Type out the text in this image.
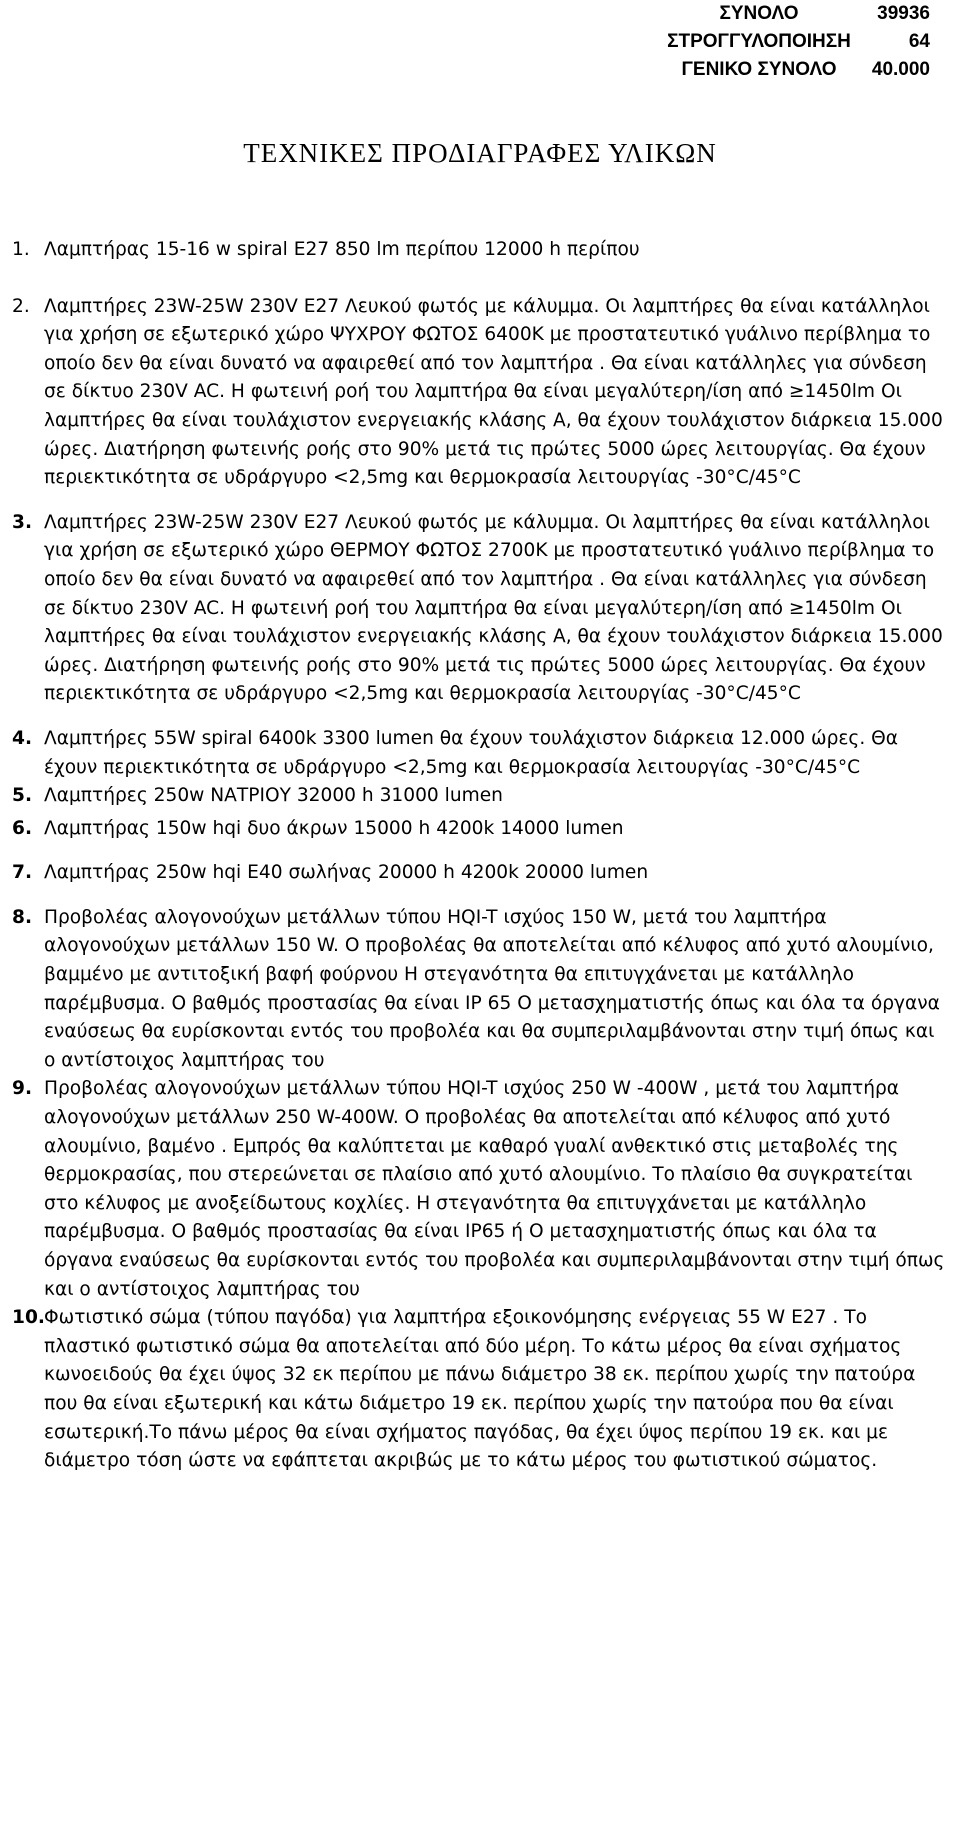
ΣΥΝΟΛΟ	39936
ΣΤΡΟΓΓΥΛΟΠΟΙΗΣΗ	64
ΓΕΝΙΚΟ ΣΥΝΟΛΟ	40.000
ΤΕΧΝΙΚΕΣ ΠΡΟΔΙΑΓΡΑΦΕΣ ΥΛΙΚΩΝ
1. Λαμπτήρας 15-16 w spiral E27 850 lm περίπου 12000 h περίπου
2. Λαμπτήρες 23W-25W 230V E27 Λευκού φωτός με κάλυμμα. Οι λαμπτήρες θα είναι κατάλληλοι για χρήση σε εξωτερικό χώρο ΨΥΧΡΟΥ ΦΩΤΟΣ 6400K με προστατευτικό γυάλινο περίβλημα το οποίο δεν θα είναι δυνατό να αφαιρεθεί από τον λαμπτήρα . Θα είναι κατάλληλες για σύνδεση σε δίκτυο 230V AC. Η φωτεινή ροή του λαμπτήρα θα είναι μεγαλύτερη/ίση από ≥1450lm Οι λαμπτήρες θα είναι τουλάχιστον ενεργειακής κλάσης Α, θα έχουν τουλάχιστον διάρκεια 15.000 ώρες. Διατήρηση φωτεινής ροής στο 90% μετά τις πρώτες 5000 ώρες λειτουργίας. Θα έχουν περιεκτικότητα σε υδράργυρο <2,5mg και θερμοκρασία λειτουργίας -30°C/45°C
3. Λαμπτήρες 23W-25W 230V E27 Λευκού φωτός με κάλυμμα. Οι λαμπτήρες θα είναι κατάλληλοι για χρήση σε εξωτερικό χώρο ΘΕΡΜΟΥ ΦΩΤΟΣ 2700K με προστατευτικό γυάλινο περίβλημα το οποίο δεν θα είναι δυνατό να αφαιρεθεί από τον λαμπτήρα . Θα είναι κατάλληλες για σύνδεση σε δίκτυο 230V AC. Η φωτεινή ροή του λαμπτήρα θα είναι μεγαλύτερη/ίση από ≥1450lm Οι λαμπτήρες θα είναι τουλάχιστον ενεργειακής κλάσης Α, θα έχουν τουλάχιστον διάρκεια 15.000 ώρες. Διατήρηση φωτεινής ροής στο 90% μετά τις πρώτες 5000 ώρες λειτουργίας. Θα έχουν περιεκτικότητα σε υδράργυρο <2,5mg και θερμοκρασία λειτουργίας -30°C/45°C
4. Λαμπτήρες 55W spiral 6400k 3300 lumen θα έχουν τουλάχιστον διάρκεια 12.000 ώρες. Θα έχουν περιεκτικότητα σε υδράργυρο <2,5mg και θερμοκρασία λειτουργίας -30°C/45°C
5. Λαμπτήρες 250w ΝΑΤΡΙΟΥ 32000 h 31000 lumen
6. Λαμπτήρας 150w hqi δυο άκρων 15000 h 4200k 14000 lumen
7. Λαμπτήρας 250w hqi E40 σωλήνας 20000 h 4200k 20000 lumen
8. Προβολέας αλογονούχων μετάλλων τύπου HQI-T ισχύος 150 W, μετά του λαμπτήρα αλογονούχων μετάλλων 150 W. O προβολέας θα αποτελείται από κέλυφος από χυτό αλουμίνιο, βαμμένο με αντιτοξική βαφή φούρνου Η στεγανότητα θα επιτυγχάνεται με κατάλληλο παρέμβυσμα. Ο βαθμός προστασίας θα είναι IP 65 O μετασχηματιστής όπως και όλα τα όργανα εναύσεως θα ευρίσκονται εντός του προβολέα και θα συμπεριλαμβάνονται στην τιμή όπως και ο αντίστοιχος λαμπτήρας του
9. Προβολέας αλογονούχων μετάλλων τύπου HQI-T ισχύος 250 W -400W , μετά του λαμπτήρα αλογονούχων μετάλλων 250 W-400W. O προβολέας θα αποτελείται από κέλυφος από χυτό αλουμίνιο, βαμένο . Εμπρός θα καλύπτεται με καθαρό γυαλί ανθεκτικό στις μεταβολές της θερμοκρασίας, που στερεώνεται σε πλαίσιο από χυτό αλουμίνιο. Το πλαίσιο θα συγκρατείται στο κέλυφος με ανοξείδωτους κοχλίες. Η στεγανότητα θα επιτυγχάνεται με κατάλληλο παρέμβυσμα. Ο βαθμός προστασίας θα είναι IP65 ή O μετασχηματιστής όπως και όλα τα όργανα εναύσεως θα ευρίσκονται εντός του προβολέα και συμπεριλαμβάνονται στην τιμή όπως και ο αντίστοιχος λαμπτήρας του
10. Φωτιστικό σώμα (τύπου παγόδα) για λαμπτήρα εξοικονόμησης ενέργειας 55 W E27 . Το πλαστικό φωτιστικό σώμα θα αποτελείται από δύο μέρη. Το κάτω μέρος θα είναι σχήματος κωνοειδούς θα έχει ύψος 32 εκ περίπου με πάνω διάμετρο 38 εκ. περίπου χωρίς την πατούρα που θα είναι εξωτερική και κάτω διάμετρο 19 εκ. περίπου χωρίς την πατούρα που θα είναι εσωτερική.Το πάνω μέρος θα είναι σχήματος παγόδας, θα έχει ύψος περίπου 19 εκ. και με διάμετρο τόση ώστε να εφάπτεται ακριβώς με το κάτω μέρος του φωτιστικού σώματος.
